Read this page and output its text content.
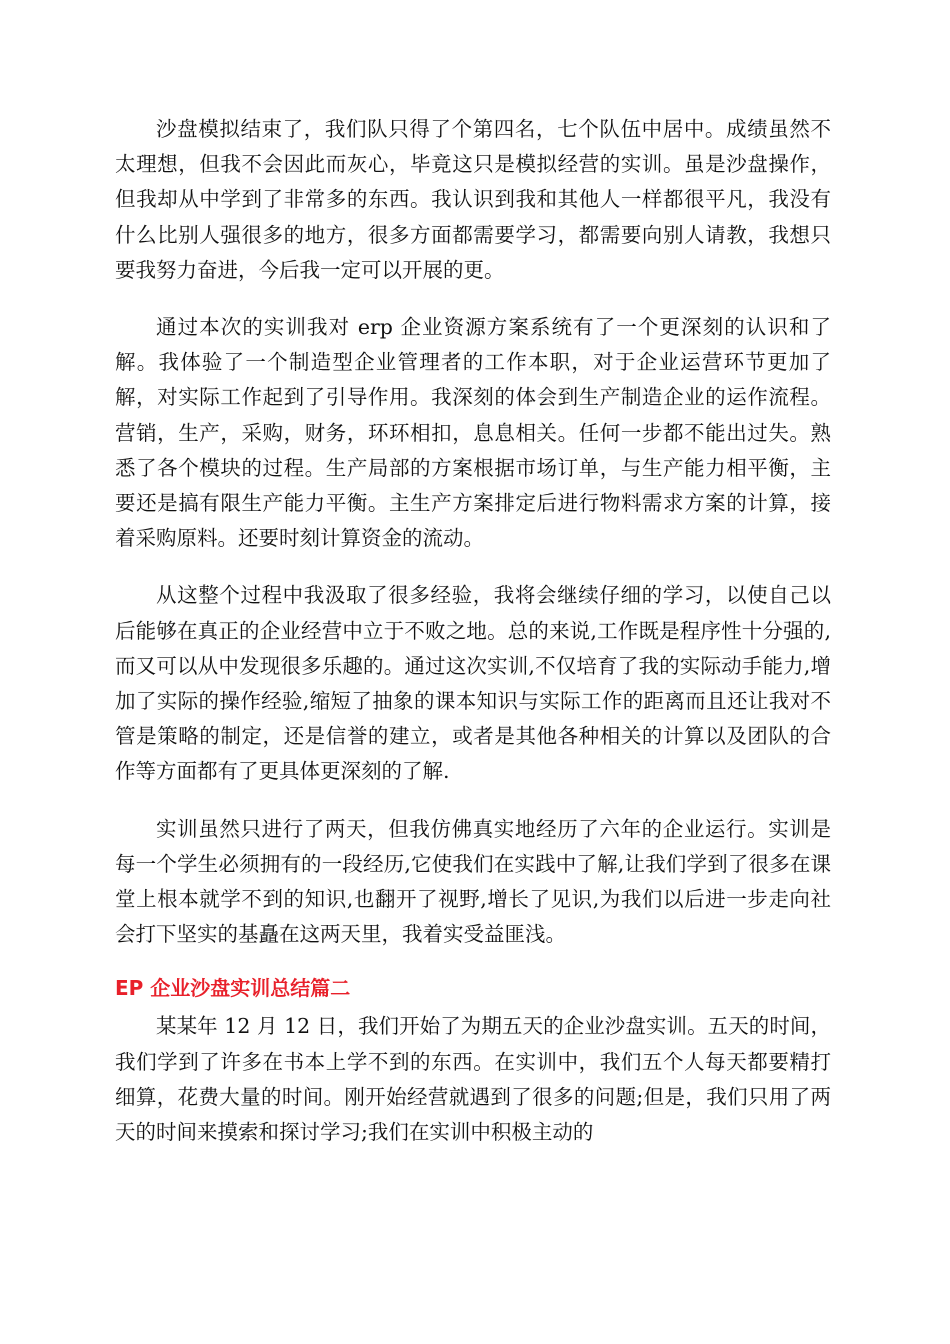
沙盘模拟结束了，我们队只得了个第四名，七个队伍中居中。成绩虽然不太理想，但我不会因此而灰心，毕竟这只是模拟经营的实训。虽是沙盘操作，但我却从中学到了非常多的东西。我认识到我和其他人一样都很平凡，我没有什么比别人强很多的地方，很多方面都需要学习，都需要向别人请教，我想只要我努力奋进，今后我一定可以开展的更。

通过本次的实训我对 erp 企业资源方案系统有了一个更深刻的认识和了解。我体验了一个制造型企业管理者的工作本职，对于企业运营环节更加了解，对实际工作起到了引导作用。我深刻的体会到生产制造企业的运作流程。营销，生产，采购，财务，环环相扣，息息相关。任何一步都不能出过失。熟悉了各个模块的过程。生产局部的方案根据市场订单，与生产能力相平衡，主要还是搞有限生产能力平衡。主生产方案排定后进行物料需求方案的计算，接着采购原料。还要时刻计算资金的流动。

从这整个过程中我汲取了很多经验，我将会继续仔细的学习，以使自己以后能够在真正的企业经营中立于不败之地。总的来说,工作既是程序性十分强的,而又可以从中发现很多乐趣的。通过这次实训,不仅培育了我的实际动手能力,增加了实际的操作经验,缩短了抽象的课本知识与实际工作的距离而且还让我对不管是策略的制定，还是信誉的建立，或者是其他各种相关的计算以及团队的合作等方面都有了更具体更深刻的了解.

实训虽然只进行了两天，但我仿佛真实地经历了六年的企业运行。实训是每一个学生必须拥有的一段经历,它使我们在实践中了解,让我们学到了很多在课堂上根本就学不到的知识,也翻开了视野,增长了见识,为我们以后进一步走向社会打下坚实的基矗在这两天里，我着实受益匪浅。

EP 企业沙盘实训总结篇二

某某年 12 月 12 日，我们开始了为期五天的企业沙盘实训。五天的时间，我们学到了许多在书本上学不到的东西。在实训中，我们五个人每天都要精打细算，花费大量的时间。刚开始经营就遇到了很多的问题;但是，我们只用了两天的时间来摸索和探讨学习;我们在实训中积极主动的
